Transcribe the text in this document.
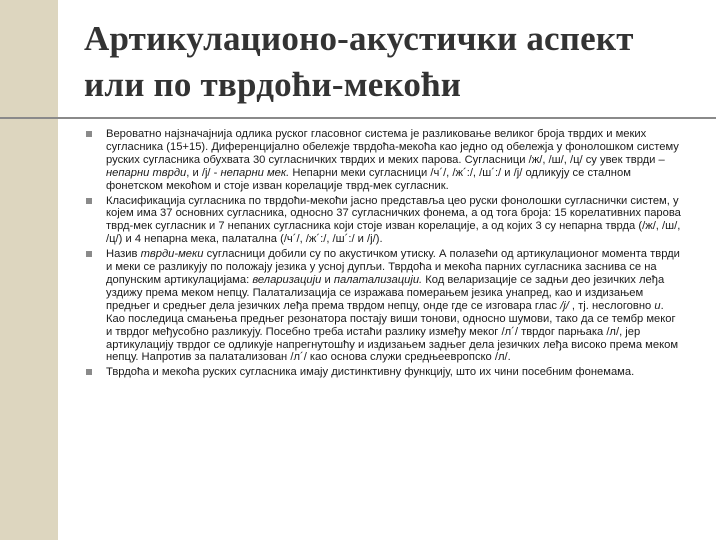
Артикулационо-акустички аспект
или по тврдоћи-мекоћи
Вероватно најзначајнија одлика руског гласовног система је разликовање великог броја тврдих и меких сугласника (15+15). Диференцијално обележје тврдоћа-мекоћа као једно од обележја у фонолошком систему руских сугласника обухвата 30 сугласничких тврдих и меких парова. Сугласници /ж/, /ш/, /ц/ су увек тврди – непарни тврди, и /ј/ - непарни мек. Непарни меки сугласници /ч´/, /ж´:/, /ш´:/ и /ј/ одликују се сталном фонетском мекоћом и стоје изван корелације тврд-мек сугласник.
Класификација сугласника по тврдоћи-мекоћи јасно представља цео руски фонолошки сугласнички систем, у којем има 37 основних сугласника, односно 37 сугласничких фонема, а од тога броја: 15 корелативних парова тврд-мек сугласник и 7 непаних сугласника који стоје изван корелације, а од којих 3 су непарна тврда (/ж/, /ш/, /ц/) и 4 непарна мека, палатална (/ч´/, /ж´:/, /ш´:/ и /ј/).
Назив тврди-меки сугласници добили су по акустичком утиску. А полазећи од артикулационог момента тврди и меки се разликују по положају језика у усној дупљи. Тврдоћа и мекоћа парних сугласника заснива се на допунским артикулацијама: веларизацији и палатализацији. Код веларизације се задњи део језичких леђа уздижу према меком непцу. Палатализација се изражава померањем језика унапред, као и издизањем предњег и средњег дела језичких леђа према тврдом непцу, онде где се изговара глас /ј/ , тј. неслоговно и. Као последица смањења предњег резонатора постају виши тонови, односно шумови, тако да се тембр меког и тврдог међусобно разликују. Посебно треба истаћи разлику између меког /л´/ тврдог парњака /л/, јер артикулацију тврдог се одликује напрегнутошћу и издизањем задњег дела језичких леђа високо према меком непцу. Напротив за палатализован /л´/ као основа служи средњеевропско /л/.
Тврдоћа и мекоћа руских сугласника имају дистинктивну функцију, што их чини посебним фонемама.
